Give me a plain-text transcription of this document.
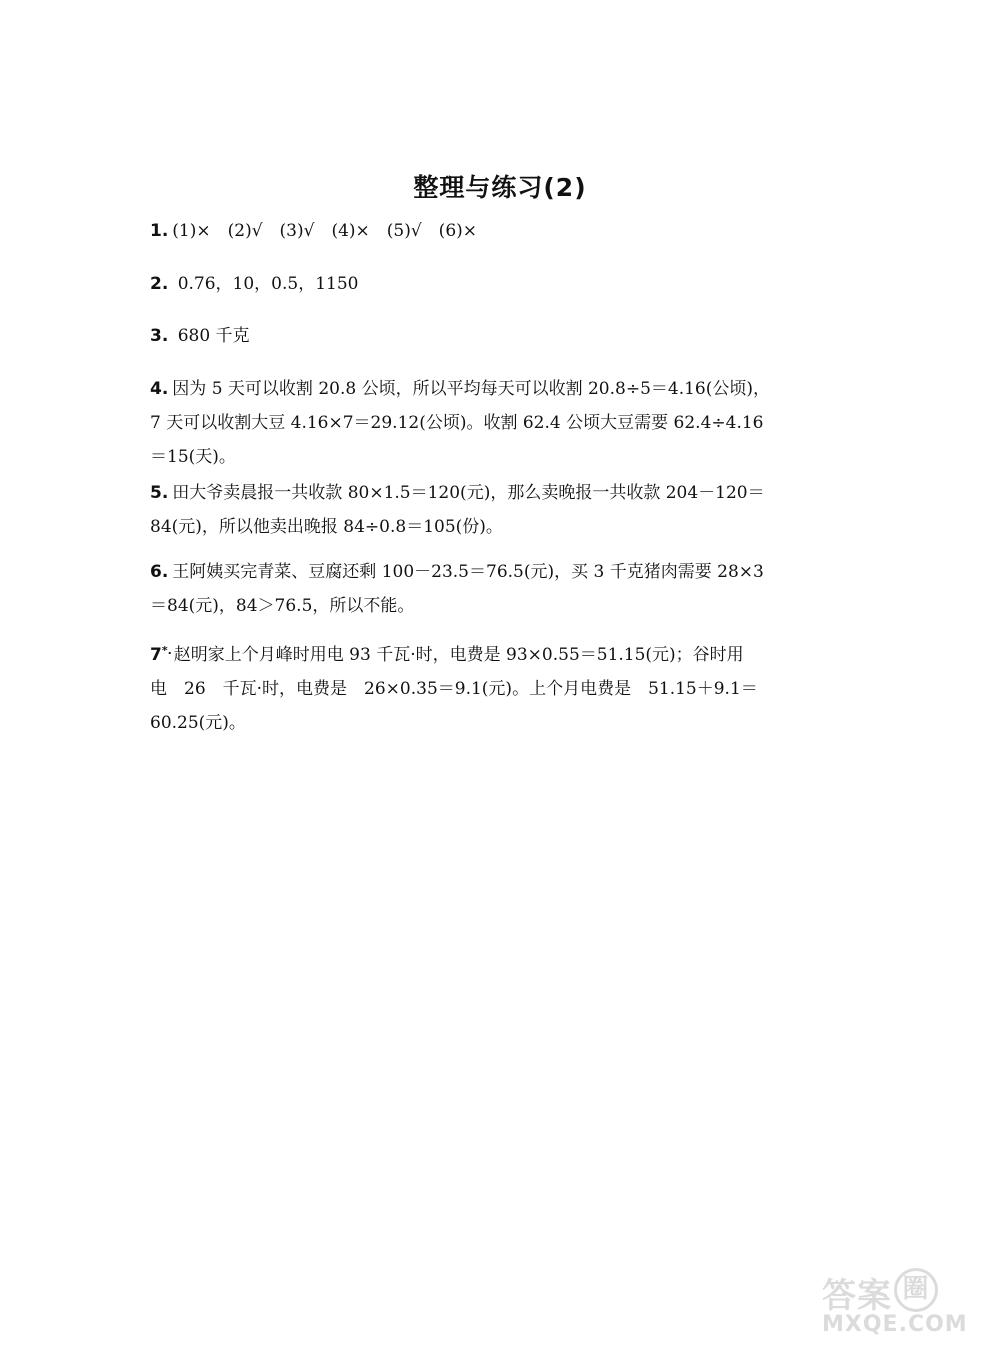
整理与练习(2)
1. (1)×　(2)√　(3)√　(4)×　(5)√　(6)×
2. 0.76，10，0.5，1150
3. 680 千克
4. 因为 5 天可以收割 20.8 公顷，所以平均每天可以收割 20.8÷5＝4.16(公顷)，
7 天可以收割大豆 4.16×7＝29.12(公顷)。收割 62.4 公顷大豆需要 62.4÷4.16
＝15(天)。
5. 田大爷卖晨报一共收款 80×1.5＝120(元)，那么卖晚报一共收款 204－120＝
84(元)，所以他卖出晚报 84÷0.8＝105(份)。
6. 王阿姨买完青菜、豆腐还剩 100－23.5＝76.5(元)，买 3 千克猪肉需要 28×3
＝84(元)，84＞76.5，所以不能。
7*. 赵明家上个月峰时用电 93 千瓦·时，电费是 93×0.55＝51.15(元)；谷时用
电　26　千瓦·时，电费是　26×0.35＝9.1(元)。上个月电费是　51.15＋9.1＝
60.25(元)。
答案 圈
MXQE.COM
